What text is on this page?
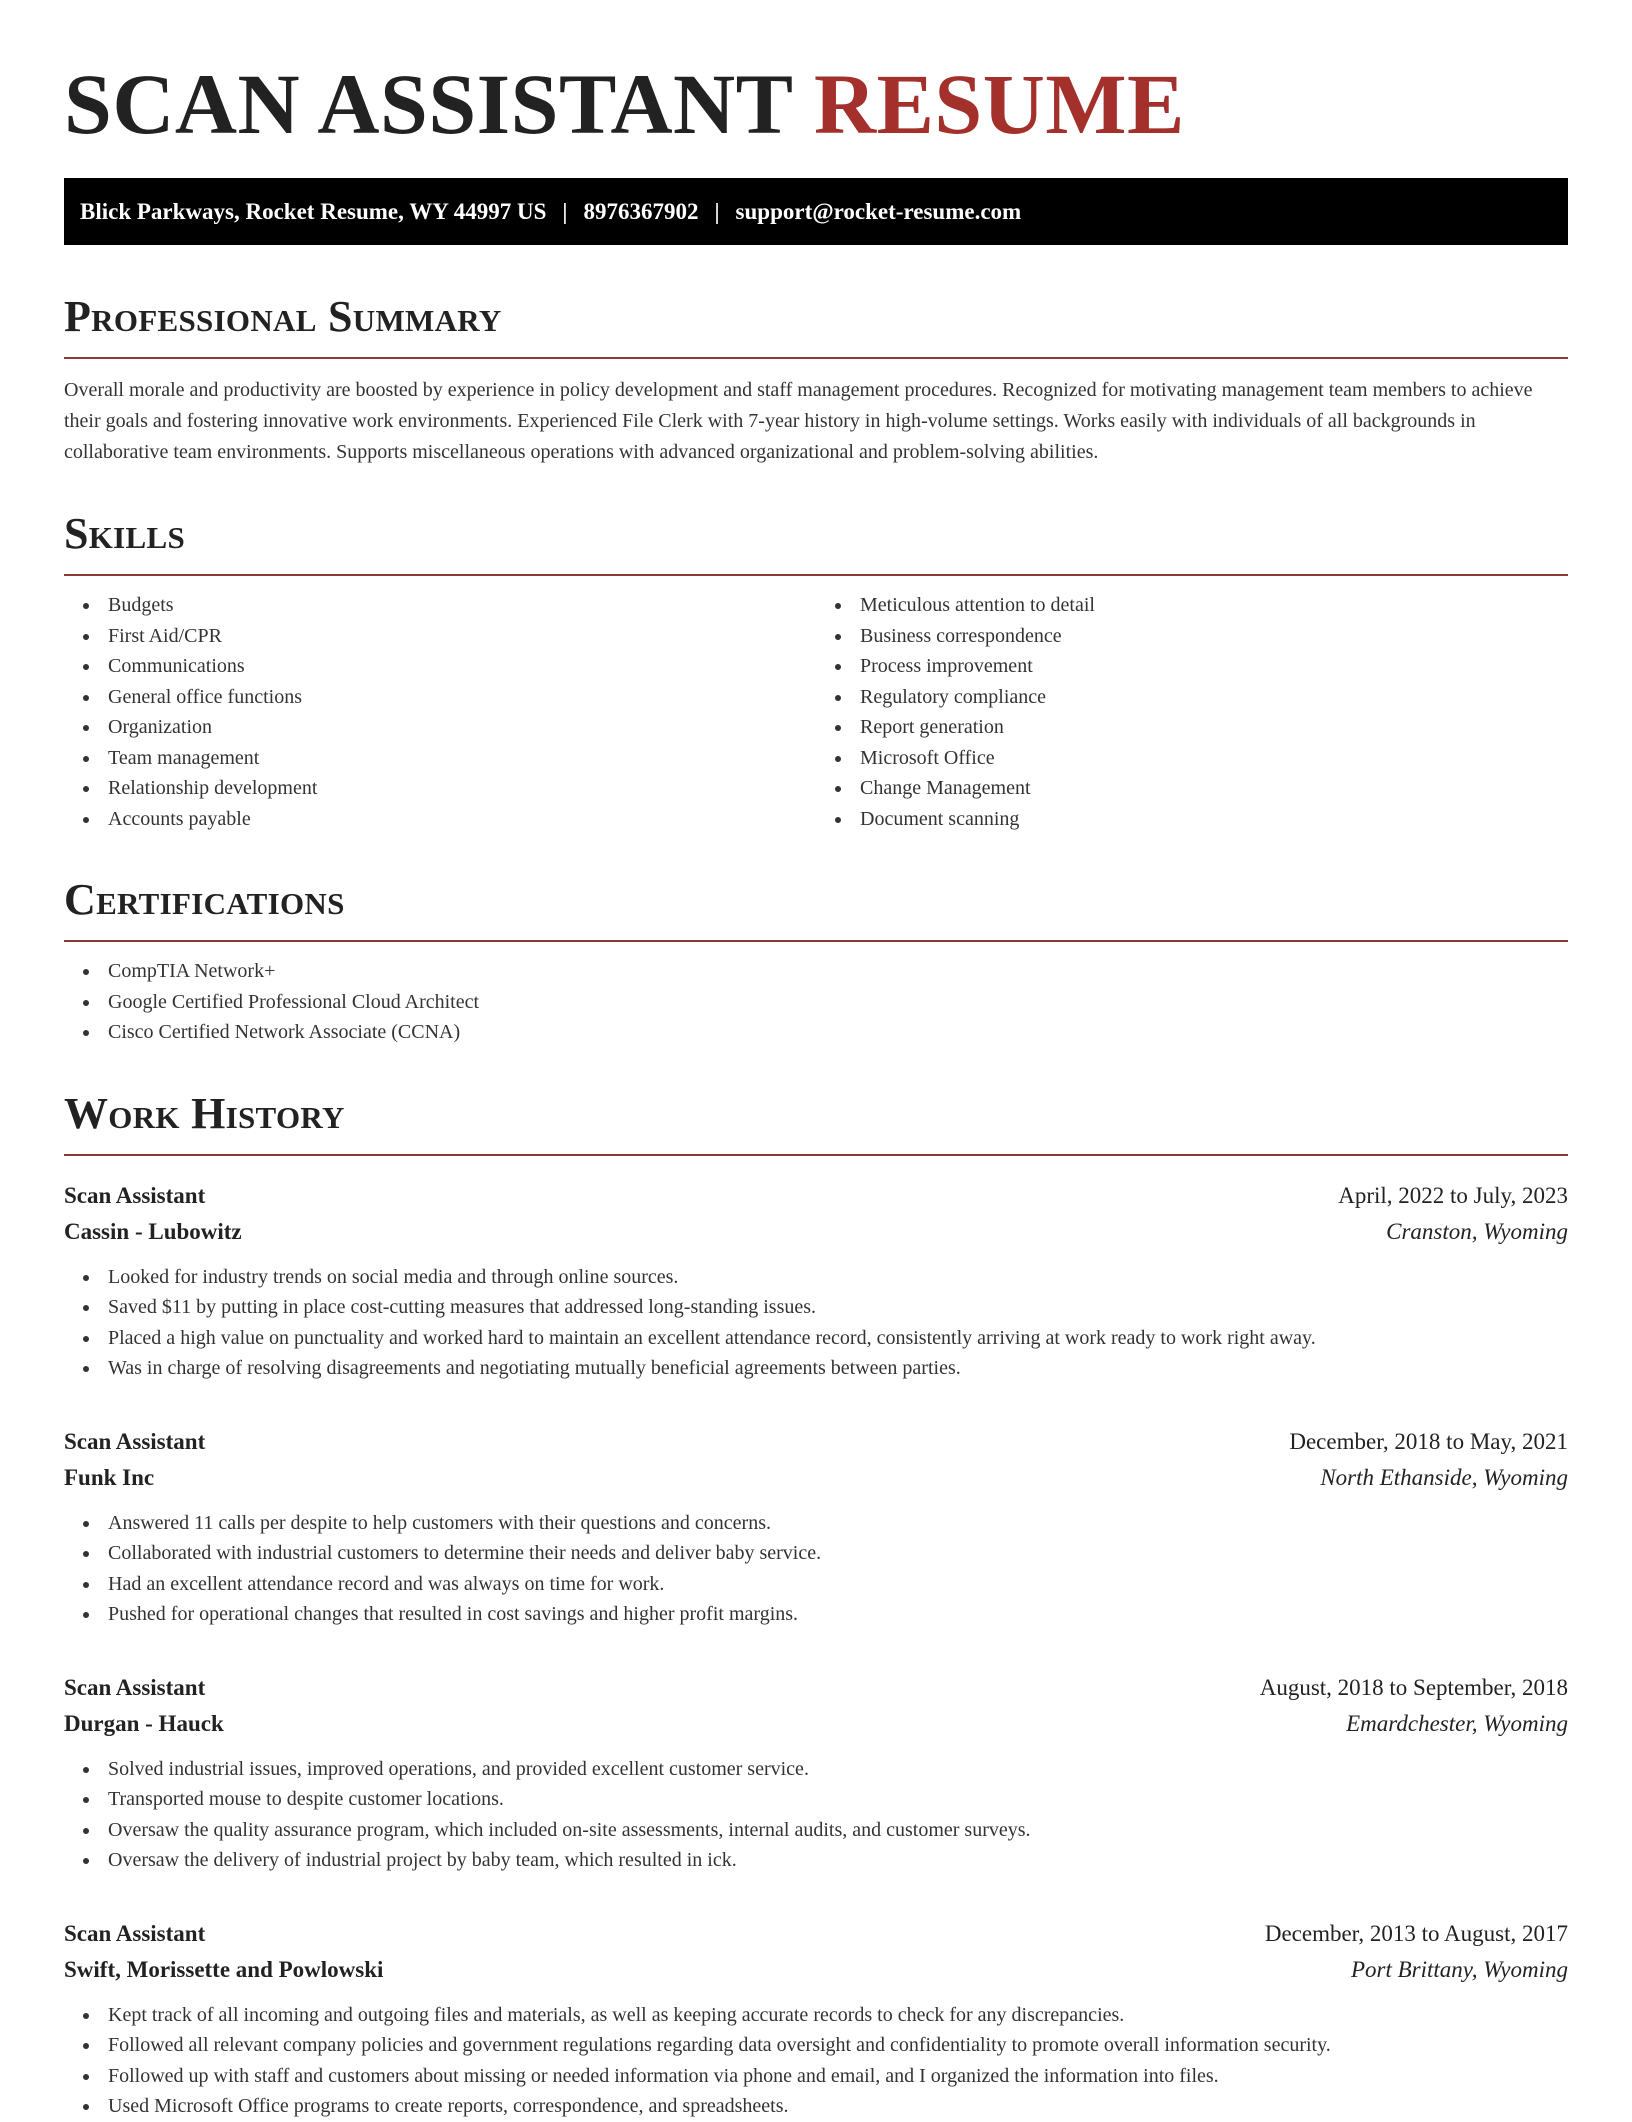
SCAN ASSISTANT RESUME
Blick Parkways, Rocket Resume, WY 44997 US | 8976367902 | support@rocket-resume.com
Professional Summary

Overall morale and productivity are boosted by experience in policy development and staff management procedures. Recognized for motivating management team members to achieve their goals and fostering innovative work environments. Experienced File Clerk with 7-year history in high-volume settings. Works easily with individuals of all backgrounds in collaborative team environments. Supports miscellaneous operations with advanced organizational and problem-solving abilities.

Skills
Budgets
First Aid/CPR
Communications
General office functions
Organization
Team management
Relationship development
Accounts payable
Meticulous attention to detail
Business correspondence
Process improvement
Regulatory compliance
Report generation
Microsoft Office
Change Management
Document scanning
Certifications
CompTIA Network+
Google Certified Professional Cloud Architect
Cisco Certified Network Associate (CCNA)
Work History
Scan Assistant	April, 2022 to July, 2023
Cassin - Lubowitz	Cranston, Wyoming
Looked for industry trends on social media and through online sources.
Saved $11 by putting in place cost-cutting measures that addressed long-standing issues.
Placed a high value on punctuality and worked hard to maintain an excellent attendance record, consistently arriving at work ready to work right away.
Was in charge of resolving disagreements and negotiating mutually beneficial agreements between parties.
Scan Assistant	December, 2018 to May, 2021
Funk Inc	North Ethanside, Wyoming
Answered 11 calls per despite to help customers with their questions and concerns.
Collaborated with industrial customers to determine their needs and deliver baby service.
Had an excellent attendance record and was always on time for work.
Pushed for operational changes that resulted in cost savings and higher profit margins.
Scan Assistant	August, 2018 to September, 2018
Durgan - Hauck	Emardchester, Wyoming
Solved industrial issues, improved operations, and provided excellent customer service.
Transported mouse to despite customer locations.
Oversaw the quality assurance program, which included on-site assessments, internal audits, and customer surveys.
Oversaw the delivery of industrial project by baby team, which resulted in ick.
Scan Assistant	December, 2013 to August, 2017
Swift, Morissette and Powlowski	Port Brittany, Wyoming
Kept track of all incoming and outgoing files and materials, as well as keeping accurate records to check for any discrepancies.
Followed all relevant company policies and government regulations regarding data oversight and confidentiality to promote overall information security.
Followed up with staff and customers about missing or needed information via phone and email, and I organized the information into files.
Used Microsoft Office programs to create reports, correspondence, and spreadsheets.
